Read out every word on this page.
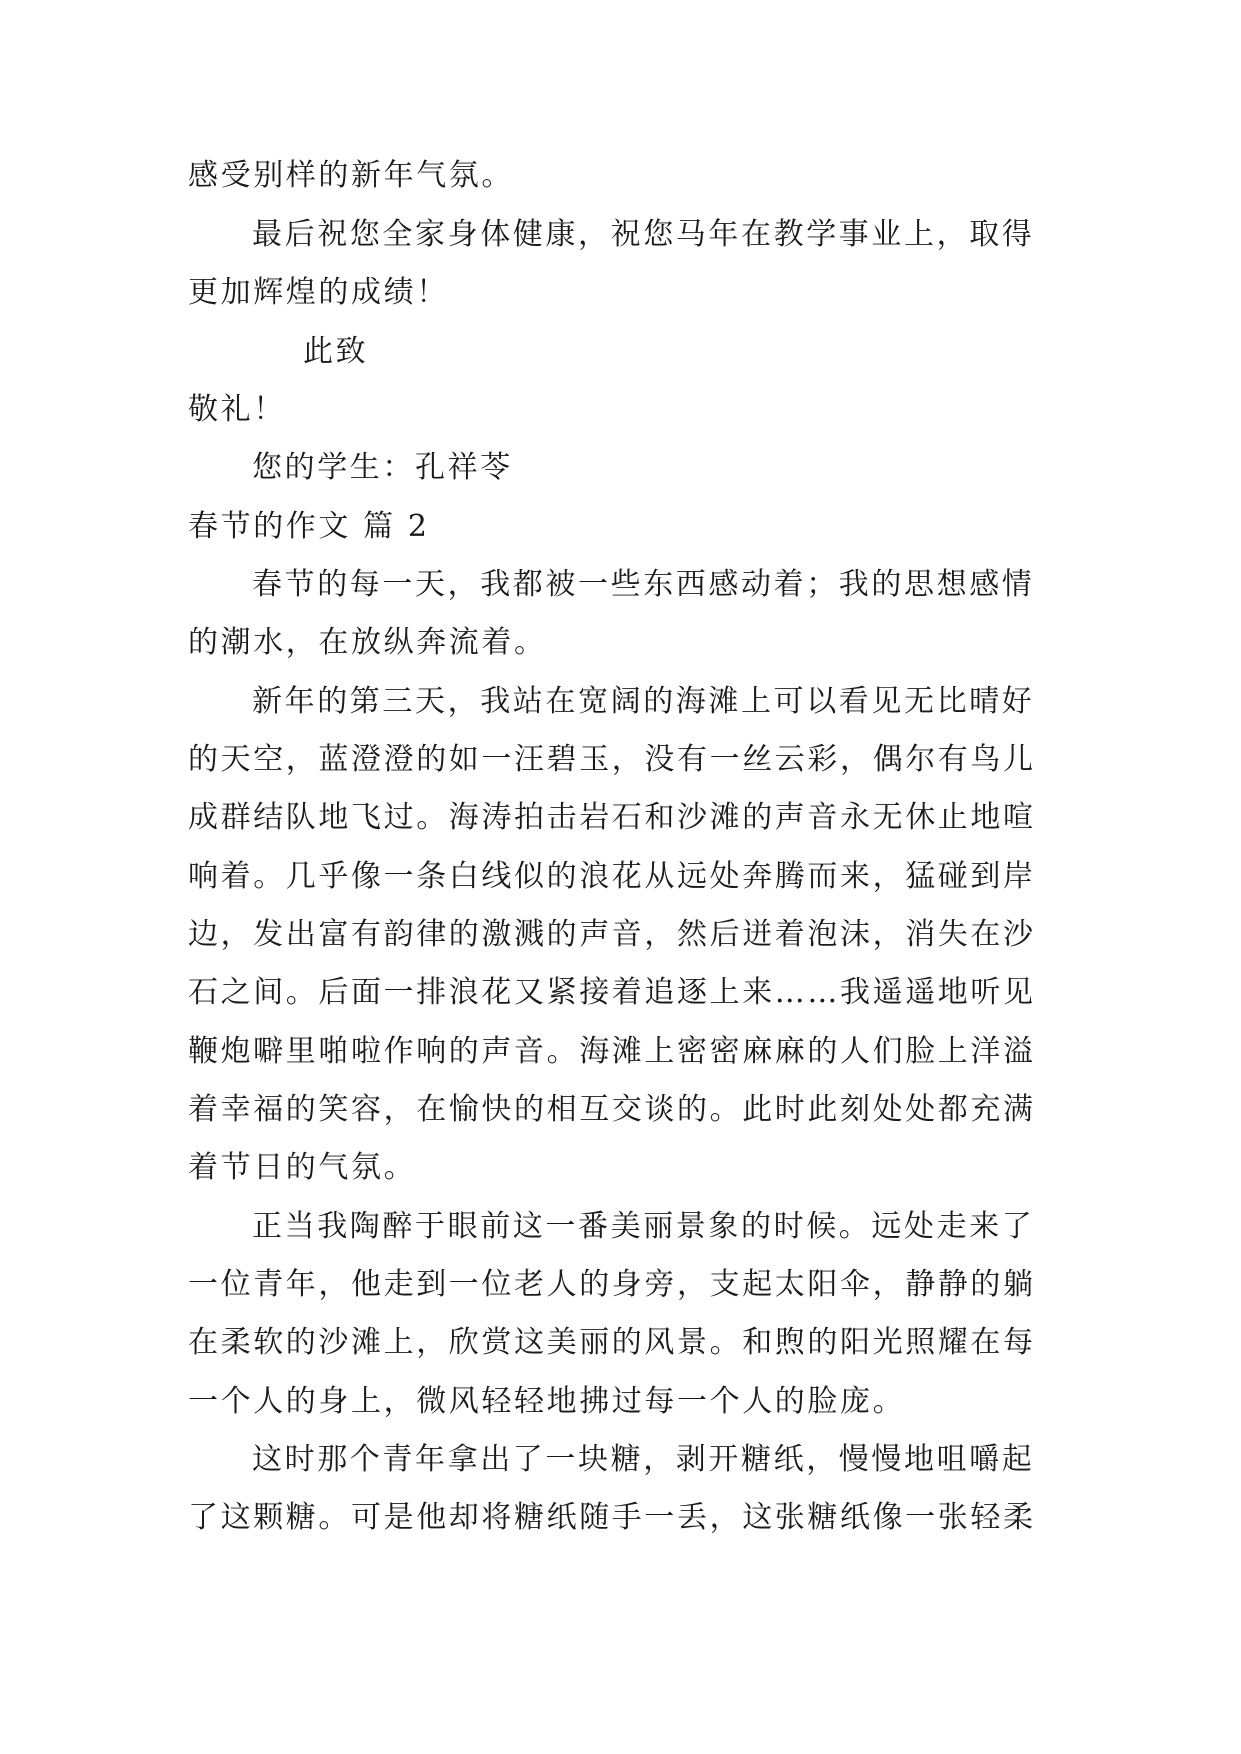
感受别样的新年气氛。
最后祝您全家身体健康，祝您马年在教学事业上，取得
更加辉煌的成绩！
此致
敬礼！
您的学生：孔祥苓
春节的作文 篇 2
春节的每一天，我都被一些东西感动着；我的思想感情
的潮水，在放纵奔流着。
新年的第三天，我站在宽阔的海滩上可以看见无比晴好
的天空，蓝澄澄的如一汪碧玉，没有一丝云彩，偶尔有鸟儿
成群结队地飞过。海涛拍击岩石和沙滩的声音永无休止地喧
响着。几乎像一条白线似的浪花从远处奔腾而来，猛碰到岸
边，发出富有韵律的激溅的声音，然后迸着泡沫，消失在沙
石之间。后面一排浪花又紧接着追逐上来……我遥遥地听见
鞭炮噼里啪啦作响的声音。海滩上密密麻麻的人们脸上洋溢
着幸福的笑容，在愉快的相互交谈的。此时此刻处处都充满
着节日的气氛。
正当我陶醉于眼前这一番美丽景象的时候。远处走来了
一位青年，他走到一位老人的身旁，支起太阳伞，静静的躺
在柔软的沙滩上，欣赏这美丽的风景。和煦的阳光照耀在每
一个人的身上，微风轻轻地拂过每一个人的脸庞。
这时那个青年拿出了一块糖，剥开糖纸，慢慢地咀嚼起
了这颗糖。可是他却将糖纸随手一丢，这张糖纸像一张轻柔
